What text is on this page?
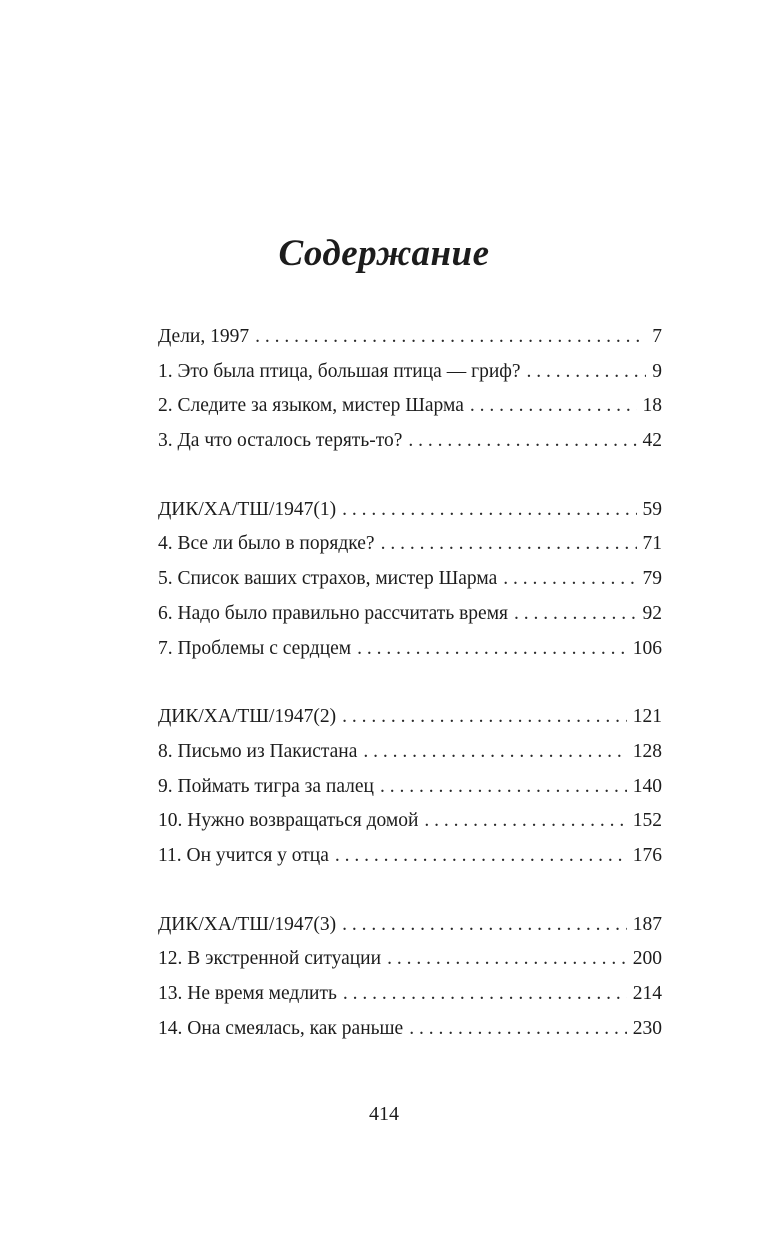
Содержание
Дели, 1997 . . .	7
1. Это была птица, большая птица — гриф? . . .	9
2. Следите за языком, мистер Шарма . . .	18
3. Да что осталось терять-то? . . .	42
ДИК/ХА/ТШ/1947(1) . . .	59
4. Все ли было в порядке? . . .	71
5. Список ваших страхов, мистер Шарма . . .	79
6. Надо было правильно рассчитать время . . .	92
7. Проблемы с сердцем . . .	106
ДИК/ХА/ТШ/1947(2) . . .	121
8. Письмо из Пакистана . . .	128
9. Поймать тигра за палец . . .	140
10. Нужно возвращаться домой . . .	152
11. Он учится у отца . . .	176
ДИК/ХА/ТШ/1947(3) . . .	187
12. В экстренной ситуации . . .	200
13. Не время медлить . . .	214
14. Она смеялась, как раньше . . .	230
414
